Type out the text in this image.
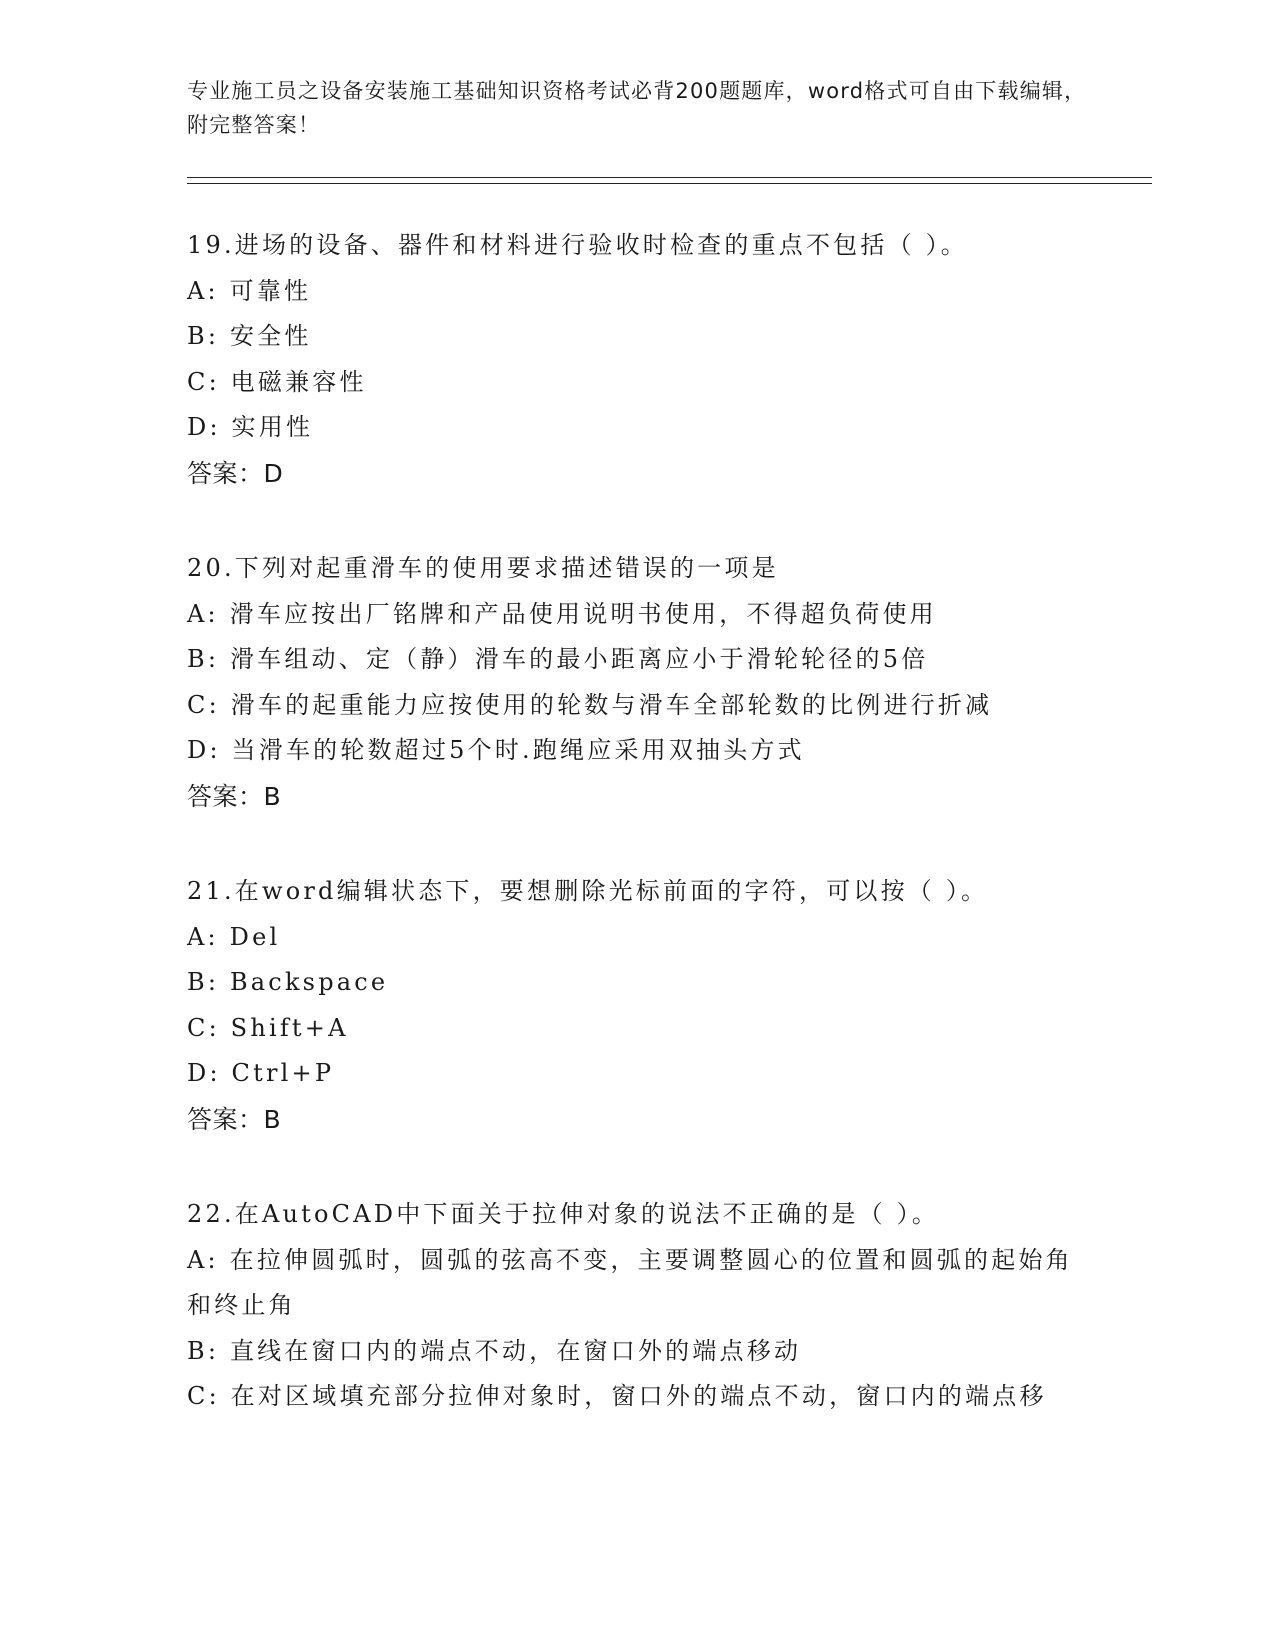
专业施工员之设备安装施工基础知识资格考试必背200题题库，word格式可自由下载编辑，附完整答案！
19.进场的设备、器件和材料进行验收时检查的重点不包括（ ）。
A: 可靠性
B: 安全性
C: 电磁兼容性
D: 实用性
答案：D
20.下列对起重滑车的使用要求描述错误的一项是
A: 滑车应按出厂铭牌和产品使用说明书使用，不得超负荷使用
B: 滑车组动、定（静）滑车的最小距离应小于滑轮轮径的5倍
C: 滑车的起重能力应按使用的轮数与滑车全部轮数的比例进行折减
D: 当滑车的轮数超过5个时.跑绳应采用双抽头方式
答案：B
21.在word编辑状态下，要想删除光标前面的字符，可以按（ ）。
A: Del
B: Backspace
C: Shift+A
D: Ctrl+P
答案：B
22.在AutoCAD中下面关于拉伸对象的说法不正确的是（ ）。
A: 在拉伸圆弧时，圆弧的弦高不变，主要调整圆心的位置和圆弧的起始角和终止角
B: 直线在窗口内的端点不动，在窗口外的端点移动
C: 在对区域填充部分拉伸对象时，窗口外的端点不动，窗口内的端点移
